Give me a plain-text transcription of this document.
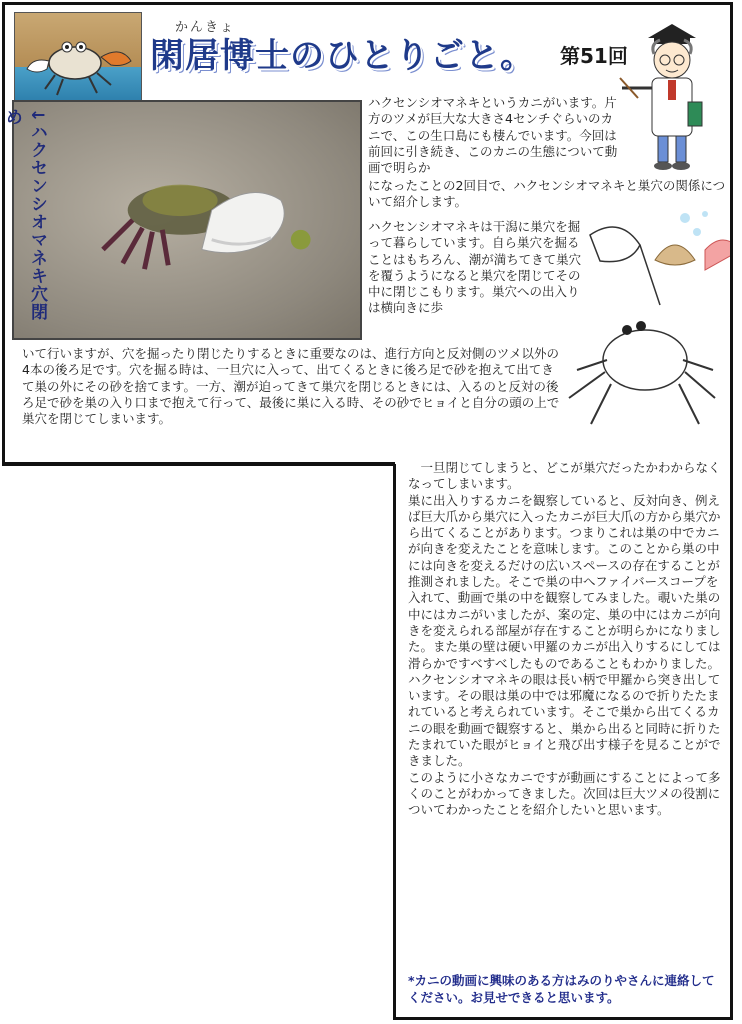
かんきょ
閑居博士のひとりごと。 第51回
↓ハクセンシオマネキ穴閉め
ハクセンシオマネキというカニがいます。片方のツメが巨大な大きさ4センチぐらいのカニで、この生口島にも棲んでいます。今回は前回に引き続き、このカニの生態について動画で明らか
になったことの2回目で、ハクセンシオマネキと巣穴の関係について紹介します。
ハクセンシオマネキは干潟に巣穴を掘って暮らしています。自ら巣穴を掘ることはもちろん、潮が満ちてきて巣穴を覆うようになると巣穴を閉じてその中に閉じこもります。巣穴への出入りは横向きに歩
いて行いますが、穴を掘ったり閉じたりするときに重要なのは、進行方向と反対側のツメ以外の4本の後ろ足です。穴を掘る時は、一旦穴に入って、出てくるときに後ろ足で砂を抱えて出てきて巣の外にその砂を捨てます。一方、潮が迫ってきて巣穴を閉じるときには、入るのと反対の後ろ足で砂を巣の入り口まで抱えて行って、最後に巣に入る時、その砂でヒョイと自分の頭の上で巣穴を閉じてしまいます。

一旦閉じてしまうと、どこが巣穴だったかわからなくなってしまいます。

巣に出入りするカニを観察していると、反対向き、例えば巨大爪から巣穴に入ったカニが巨大爪の方から巣穴から出てくることがあります。つまりこれは巣の中でカニが向きを変えたことを意味します。このことから巣の中には向きを変えるだけの広いスペースの存在することが推測されました。そこで巣の中へファイバースコープを入れて、動画で巣の中を観察してみました。覗いた巣の中にはカニがいましたが、案の定、巣の中にはカニが向きを変えられる部屋が存在することが明らかになりました。また巣の壁は硬い甲羅のカニが出入りするにしては滑らかですべすべしたものであることもわかりました。

ハクセンシオマネキの眼は長い柄で甲羅から突き出しています。その眼は巣の中では邪魔になるので折りたたまれていると考えられています。そこで巣から出てくるカニの眼を動画で観察すると、巣から出ると同時に折りたたまれていた眼がヒョイと飛び出す様子を見ることができました。

このように小さなカニですが動画にすることによって多くのことがわかってきました。次回は巨大ツメの役割についてわかったことを紹介したいと思います。

*カニの動画に興味のある方はみのりやさんに連絡してください。お見せできると思います。
